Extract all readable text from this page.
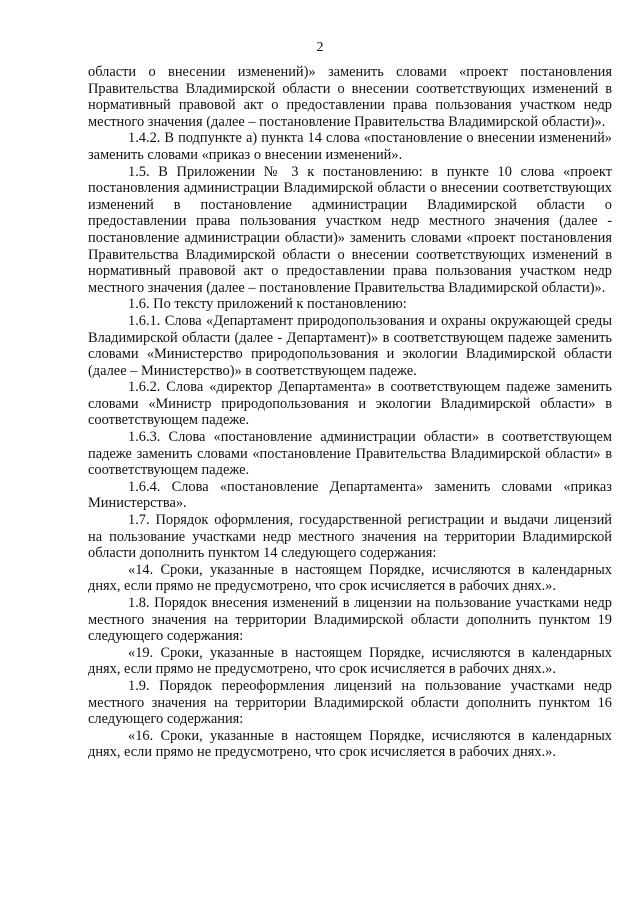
2

области о внесении изменений)» заменить словами «проект постановления Правительства Владимирской области о внесении соответствующих изменений в нормативный правовой акт о предоставлении права пользования участком недр местного значения (далее – постановление Правительства Владимирской области)».

1.4.2. В подпункте а) пункта 14 слова «постановление о внесении изменений» заменить словами «приказ о внесении изменений».

1.5. В Приложении № 3 к постановлению: в пункте 10 слова «проект постановления администрации Владимирской области о внесении соответствующих изменений в постановление администрации Владимирской области о предоставлении права пользования участком недр местного значения (далее - постановление администрации области)» заменить словами «проект постановления Правительства Владимирской области о внесении соответствующих изменений в нормативный правовой акт о предоставлении права пользования участком недр местного значения (далее – постановление Правительства Владимирской области)».

1.6. По тексту приложений к постановлению:

1.6.1. Слова «Департамент природопользования и охраны окружающей среды Владимирской области (далее - Департамент)» в соответствующем падеже заменить словами «Министерство природопользования и экологии Владимирской области (далее – Министерство)» в соответствующем падеже.

1.6.2. Слова «директор Департамента» в соответствующем падеже заменить словами «Министр природопользования и экологии Владимирской области» в соответствующем падеже.

1.6.3. Слова «постановление администрации области» в соответствующем падеже заменить словами «постановление Правительства Владимирской области» в соответствующем падеже.

1.6.4. Слова «постановление Департамента» заменить словами «приказ Министерства».

1.7. Порядок оформления, государственной регистрации и выдачи лицензий на пользование участками недр местного значения на территории Владимирской области дополнить пунктом 14 следующего содержания:

«14. Сроки, указанные в настоящем Порядке, исчисляются в календарных днях, если прямо не предусмотрено, что срок исчисляется в рабочих днях.».

1.8. Порядок внесения изменений в лицензии на пользование участками недр местного значения на территории Владимирской области дополнить пунктом 19 следующего содержания:

«19. Сроки, указанные в настоящем Порядке, исчисляются в календарных днях, если прямо не предусмотрено, что срок исчисляется в рабочих днях.».

1.9. Порядок переоформления лицензий на пользование участками недр местного значения на территории Владимирской области дополнить пунктом 16 следующего содержания:

«16. Сроки, указанные в настоящем Порядке, исчисляются в календарных днях, если прямо не предусмотрено, что срок исчисляется в рабочих днях.».
